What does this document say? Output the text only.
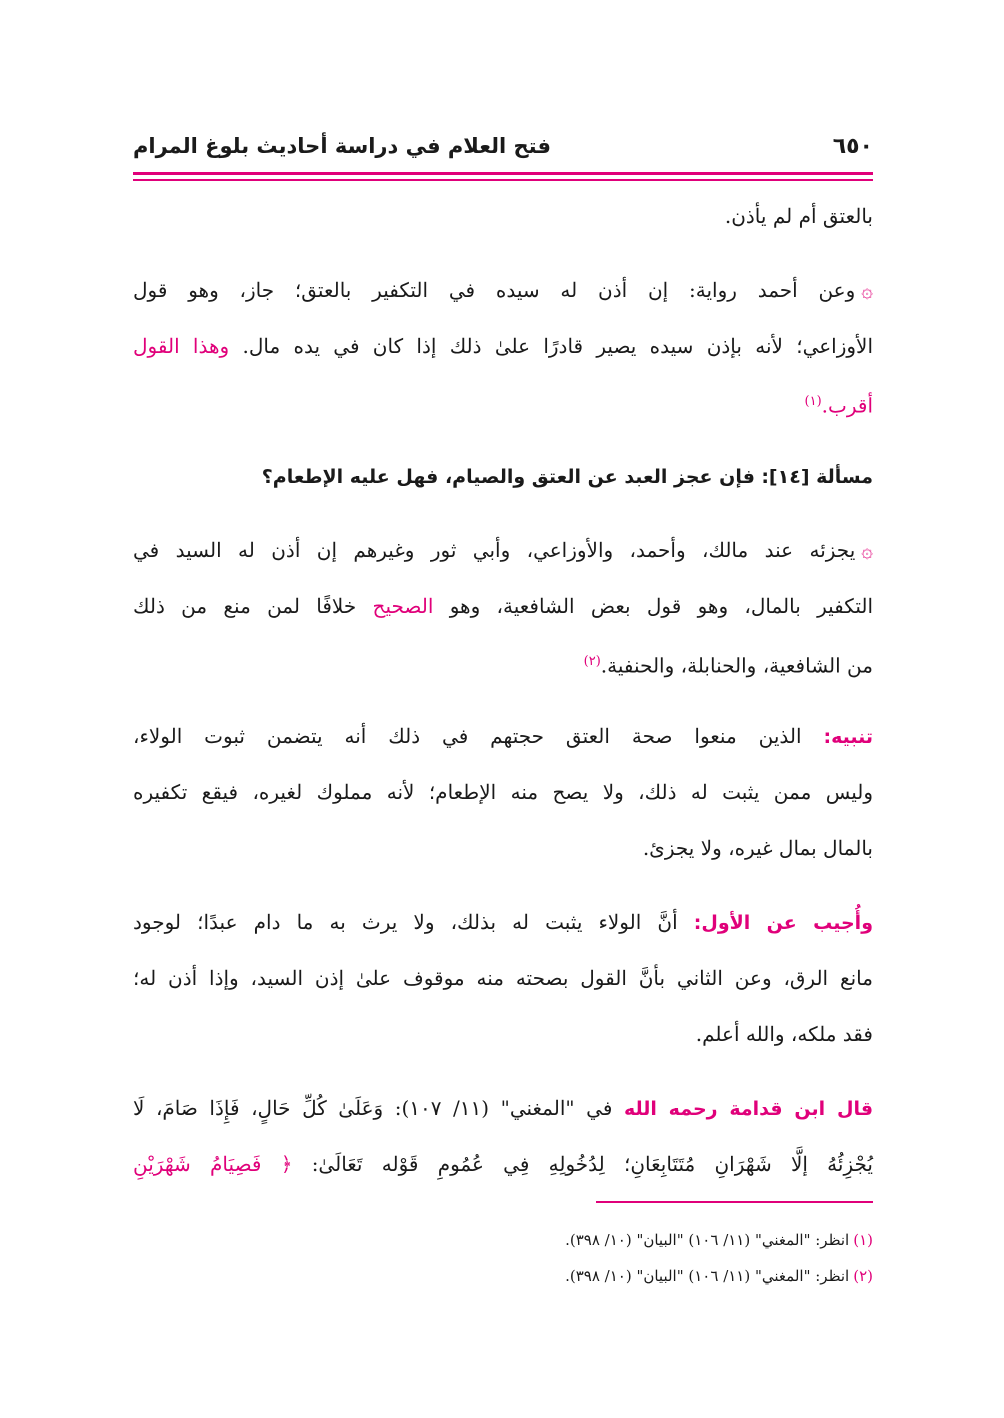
٦٥٠
فتح العلام في دراسة أحاديث بلوغ المرام
بالعتق أم لم يأذن.
۞وعن أحمد رواية: إن أذن له سيده في التكفير بالعتق؛ جاز، وهو قول
الأوزاعي؛ لأنه بإذن سيده يصير قادرًا علىٰ ذلك إذا كان في يده مال. وهذا القول
أقرب.$^{(١)}$
مسألة [١٤]: فإن عجز العبد عن العتق والصيام، فهل عليه الإطعام؟
۞يجزئه عند مالك، وأحمد، والأوزاعي، وأبي ثور وغيرهم إن أذن له السيد في
التكفير بالمال، وهو قول بعض الشافعية، وهو الصحيح خلافًا لمن منع من ذلك
من الشافعية، والحنابلة، والحنفية.$^{(٢)}$
تنبيه: الذين منعوا صحة العتق حجتهم في ذلك أنه يتضمن ثبوت الولاء،
وليس ممن يثبت له ذلك، ولا يصح منه الإطعام؛ لأنه مملوك لغيره، فيقع تكفيره
بالمال بمال غيره، ولا يجزئ.
وأُجيب عن الأول: أنَّ الولاء يثبت له بذلك، ولا يرث به ما دام عبدًا؛ لوجود
مانع الرق، وعن الثاني بأنَّ القول بصحته منه موقوف علىٰ إذن السيد، وإذا أذن له؛
فقد ملكه، والله أعلم.
قال ابن قدامة رحمه الله في "المغني" (١١/ ١٠٧): وَعَلَىٰ كُلِّ حَالٍ، فَإِذَا صَامَ، لَا
يُجْزِئُهُ إلَّا شَهْرَانِ مُتَتَابِعَانِ؛ لِدُخُولِهِ فِي عُمُومِ قَوْله تَعَالَىٰ: ﴿ فَصِيَامُ شَهْرَيْنِ
(١)انظر: "المغني" (١١/ ١٠٦) "البيان" (١٠/ ٣٩٨).
(٢)انظر: "المغني" (١١/ ١٠٦) "البيان" (١٠/ ٣٩٨).
